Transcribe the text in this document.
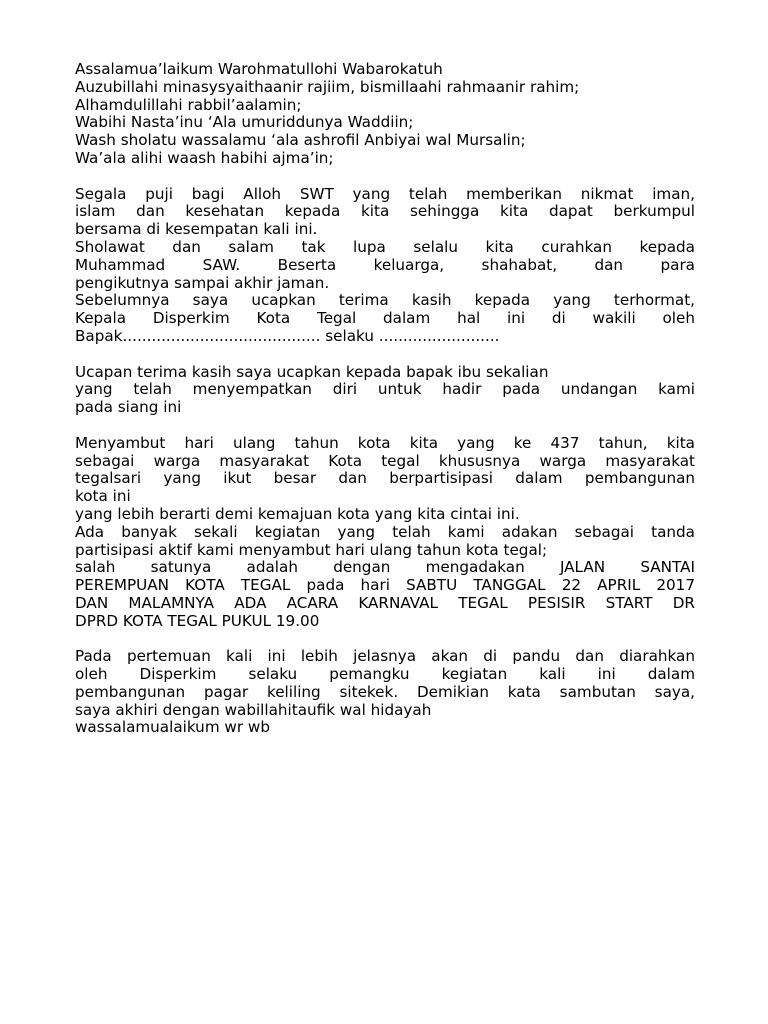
Assalamua’laikum Warohmatullohi Wabarokatuh
Auzubillahi minasysyaithaanir rajiim, bismillaahi rahmaanir rahim;
Alhamdulillahi rabbil’aalamin;
Wabihi Nasta’inu ‘Ala umuriddunya Waddiin;
Wash sholatu wassalamu ‘ala ashrofil Anbiyai wal Mursalin;
Wa’ala alihi waash habihi ajma’in;
Segala puji bagi Alloh SWT yang telah memberikan nikmat iman,
islam dan kesehatan kepada kita sehingga kita dapat berkumpul
bersama di kesempatan kali ini.
Sholawat dan salam tak lupa selalu kita curahkan kepada
Muhammad SAW. Beserta keluarga, shahabat, dan para
pengikutnya sampai akhir jaman.
Sebelumnya saya ucapkan terima kasih kepada yang terhormat,
Kepala Disperkim Kota Tegal dalam hal ini di wakili oleh
Bapak......................................... selaku .........................
Ucapan terima kasih saya ucapkan kepada bapak ibu sekalian
yang telah menyempatkan diri untuk hadir pada undangan kami
pada siang ini
Menyambut hari ulang tahun kota kita yang ke 437 tahun, kita
sebagai warga masyarakat Kota tegal khususnya warga masyarakat
tegalsari yang ikut besar dan berpartisipasi dalam pembangunan
kota ini
yang lebih berarti demi kemajuan kota yang kita cintai ini.
Ada banyak sekali kegiatan yang telah kami adakan sebagai tanda
partisipasi aktif kami menyambut hari ulang tahun kota tegal;
salah satunya adalah dengan mengadakan JALAN SANTAI
PEREMPUAN KOTA TEGAL pada hari SABTU TANGGAL 22 APRIL 2017
DAN MALAMNYA ADA ACARA KARNAVAL TEGAL PESISIR START DR
DPRD KOTA TEGAL PUKUL 19.00
Pada pertemuan kali ini lebih jelasnya akan di pandu dan diarahkan
oleh Disperkim selaku pemangku kegiatan kali ini dalam
pembangunan pagar keliling sitekek. Demikian kata sambutan saya,
saya akhiri dengan wabillahitaufik wal hidayah
wassalamualaikum wr wb
